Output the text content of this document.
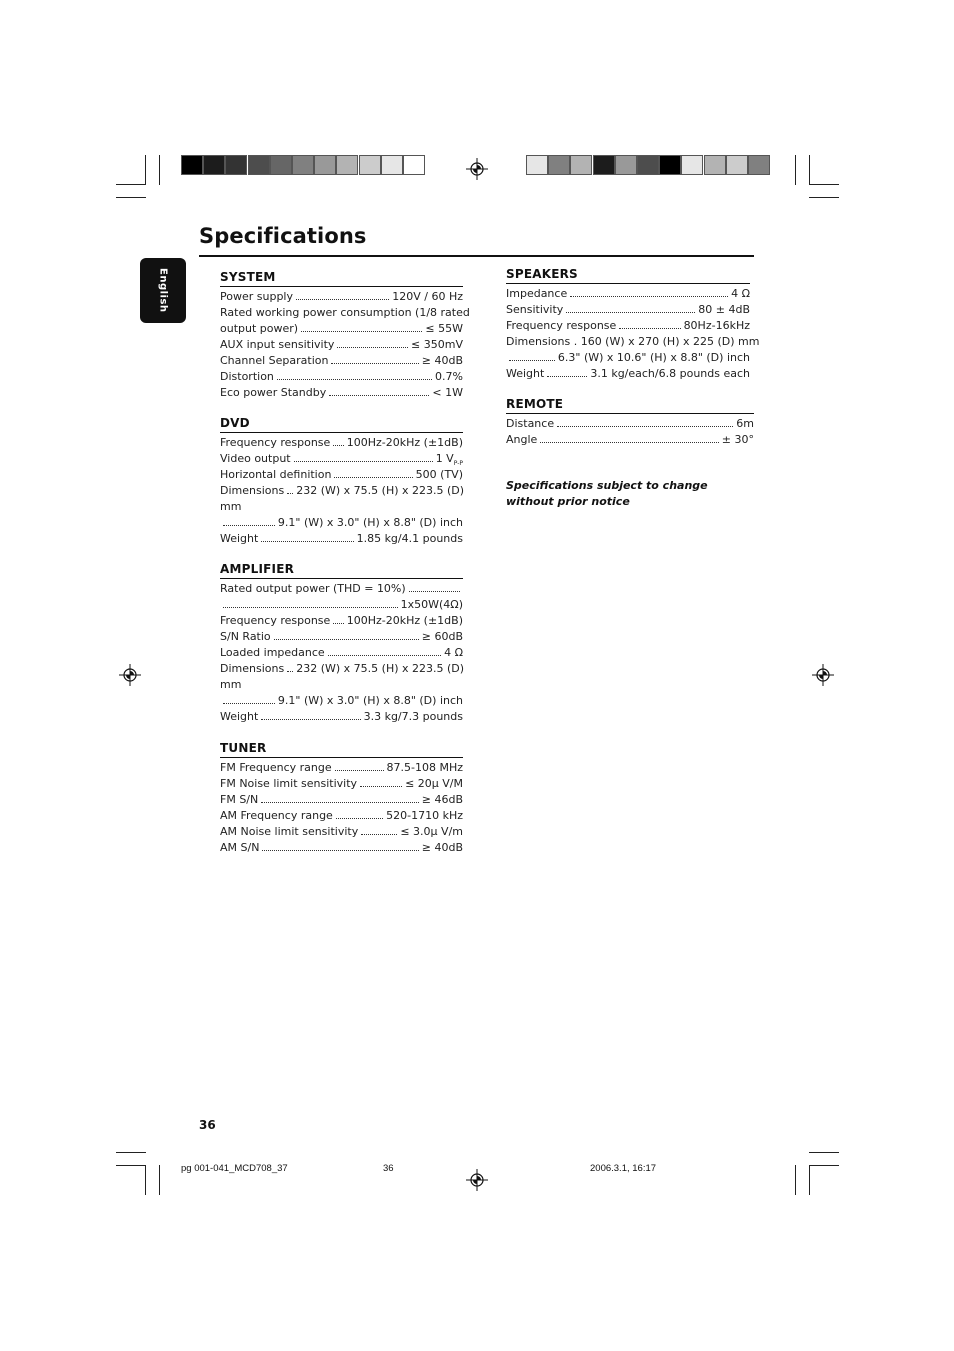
Specifications
English	SYSTEM
Power supply	120V / 60 Hz
Rated working power consumption (1/8 rated
output power)	≤ 55W
AUX input sensitivity	≤ 350mV
Channel Separation	≥ 40dB
Distortion	0.7%
Eco power Standby	< 1W
DVD
Frequency response 100Hz-20kHz (±1dB)
Video output	1 $V_{P-P}$
Horizontal definition	500 (TV)
Dimensions 232 (W) x 75.5 (H) x 223.5 (D)
mm
9.1" (W) x 3.0" (H) x 8.8" (D) inch
Weight	1.85 kg/4.1 pounds
AMPLIFIER
Rated output power (THD = 10%)
1x50W(4Ω)
Frequency response 100Hz-20kHz (±1dB)
S/N Ratio	≥ 60dB
Loaded impedance	4 Ω
Dimensions 232 (W) x 75.5 (H) x 223.5 (D)
mm
9.1" (W) x 3.0" (H) x 8.8" (D) inch
Weight	3.3 kg/7.3 pounds
TUNER
FM Frequency range	87.5-108 MHz
FM Noise limit sensitivity	≤ 20µ V/M
FM S/N	≥ 46dB
AM Frequency range	520-1710 kHz
AM Noise limit sensitivity	≤ 3.0µ V/m
AM S/N	≥ 40dB
SPEAKERS
Impedance	4 Ω
Sensitivity	80 ± 4dB
Frequency response	80Hz-16kHz
Dimensions . 160 (W) x 270 (H) x 225 (D) mm
6.3" (W) x 10.6" (H) x 8.8" (D) inch
Weight	3.1 kg/each/6.8 pounds each
REMOTE
Distance	6m
Angle	± 30°
Specifications subject to change without prior notice
36
pg 001-041_MCD708_37	36	2006.3.1, 16:17
